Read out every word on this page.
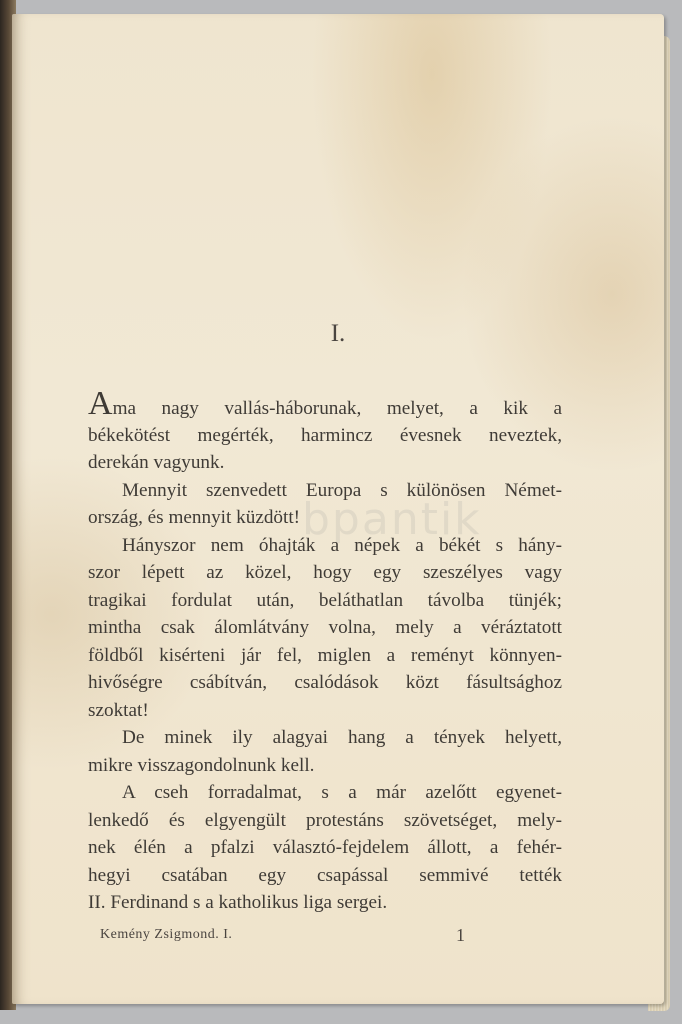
bpantik
I.
Ama nagy vallás-háborunak, melyet, a kik a
békekötést megérték, harmincz évesnek neveztek,
derekán vagyunk.
Mennyit szenvedett Europa s különösen Német-
ország, és mennyit küzdött!
Hányszor nem óhajták a népek a békét s hány-
szor lépett az közel, hogy egy szeszélyes vagy
tragikai fordulat után, beláthatlan távolba tünjék;
mintha csak álomlátvány volna, mely a véráztatott
földből kisérteni jár fel, miglen a reményt könnyen-
hivőségre csábítván, csalódások közt fásultsághoz
szoktat!
De minek ily alagyai hang a tények helyett,
mikre visszagondolnunk kell.
A cseh forradalmat, s a már azelőtt egyenet-
lenkedő és elgyengült protestáns szövetséget, mely-
nek élén a pfalzi választó-fejdelem állott, a fehér-
hegyi csatában egy csapással semmivé tették
II. Ferdinand s a katholikus liga sergei.
Kemény Zsigmond. I.	1
